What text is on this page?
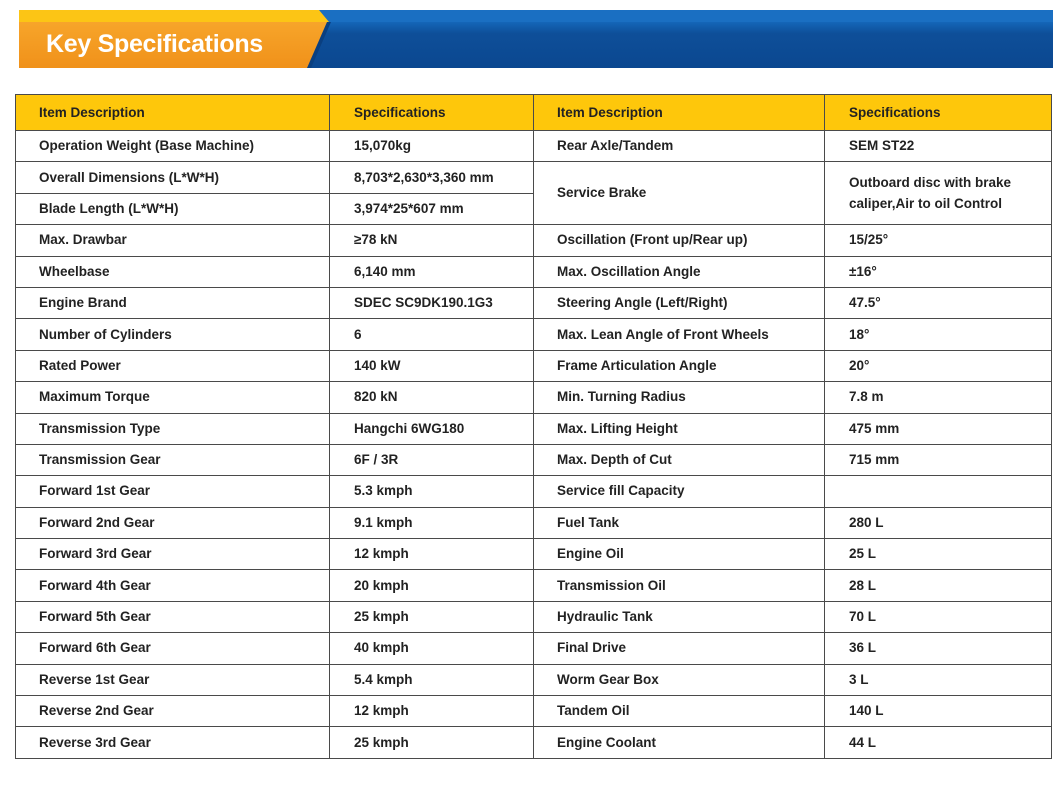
Key Specifications
Item Description	Specifications	Item Description	Specifications
Operation Weight (Base Machine)	15,070kg	Rear Axle/Tandem	SEM ST22
Overall Dimensions (L*W*H)	8,703*2,630*3,360 mm	Service Brake	Outboard disc with brake caliper,Air to oil Control
Blade Length (L*W*H)	3,974*25*607 mm		
Max. Drawbar	≥78 kN	Oscillation (Front up/Rear up)	15/25°
Wheelbase	6,140 mm	Max. Oscillation Angle	±16°
Engine Brand	SDEC SC9DK190.1G3	Steering Angle (Left/Right)	47.5°
Number of Cylinders	6	Max. Lean Angle of Front Wheels	18°
Rated Power	140 kW	Frame Articulation Angle	20°
Maximum Torque	820 kN	Min. Turning Radius	7.8 m
Transmission Type	Hangchi 6WG180	Max. Lifting Height	475 mm
Transmission Gear	6F / 3R	Max. Depth of Cut	715 mm
Forward 1st Gear	5.3 kmph	Service fill Capacity	
Forward 2nd Gear	9.1 kmph	Fuel Tank	280 L
Forward 3rd Gear	12 kmph	Engine Oil	25 L
Forward 4th Gear	20 kmph	Transmission Oil	28 L
Forward 5th Gear	25 kmph	Hydraulic Tank	70 L
Forward 6th Gear	40 kmph	Final Drive	36 L
Reverse 1st Gear	5.4 kmph	Worm Gear Box	3 L
Reverse 2nd Gear	12 kmph	Tandem Oil	140 L
Reverse 3rd Gear	25 kmph	Engine Coolant	44 L
